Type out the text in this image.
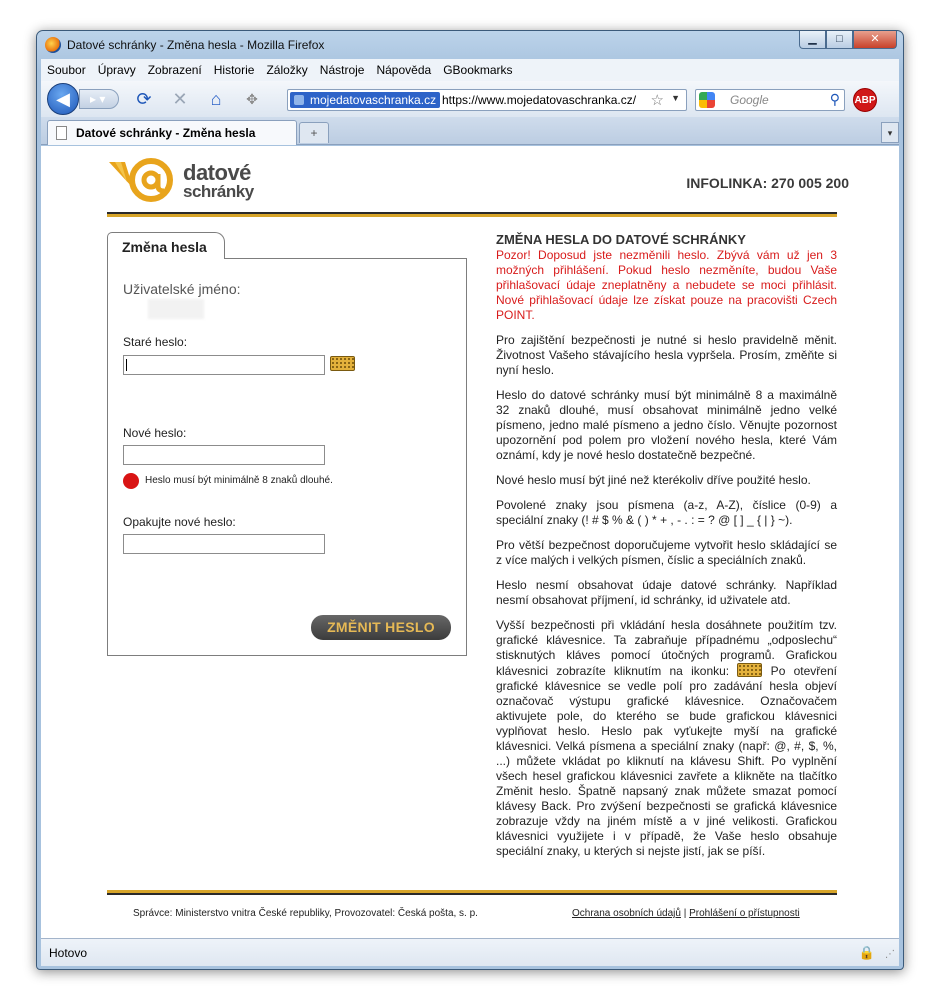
Datové schránky - Změna hesla - Mozilla Firefox	▁	□	✕
Soubor Úpravy Zobrazení Historie Záložky Nástroje Nápověda GBookmarks
▸ ▾
◀	⟳ ✕	⌂	✥	mojedatovaschranka.cz https://www.mojedatovaschranka.cz/ ☆ ▼	Google	⚲ ABP
Datové schránky - Změna hesla	+	▾
datové
schránky	INFOLINKA: 270 005 200
Změna hesla
Uživatelské jméno:
Staré heslo:
Nové heslo:
Heslo musí být minimálně 8 znaků dlouhé.
Opakujte nové heslo:
ZMĚNIT HESLO
ZMĚNA HESLA DO DATOVÉ SCHRÁNKY

Pozor! Doposud jste nezměnili heslo. Zbývá vám už jen 3 možných přihlášení. Pokud heslo nezměníte, budou Vaše přihlašovací údaje zneplatněny a nebudete se moci přihlásit. Nové přihlašovací údaje lze získat pouze na pracovišti Czech POINT.

Pro zajištění bezpečnosti je nutné si heslo pravidelně měnit. Životnost Vašeho stávajícího hesla vypršela. Prosím, změňte si nyní heslo.

Heslo do datové schránky musí být minimálně 8 a maximálně 32 znaků dlouhé, musí obsahovat minimálně jedno velké písmeno, jedno malé písmeno a jedno číslo. Věnujte pozornost upozornění pod polem pro vložení nového hesla, které Vám oznámí, kdy je nové heslo dostatečně bezpečné.

Nové heslo musí být jiné než kterékoliv dříve použité heslo.

Povolené znaky jsou písmena (a-z, A-Z), číslice (0-9) a speciální znaky (! # $ % & ( ) * + , - . : = ? @ [ ] _ { | } ~).

Pro větší bezpečnost doporučujeme vytvořit heslo skládající se z více malých i velkých písmen, číslic a speciálních znaků.

Heslo nesmí obsahovat údaje datové schránky. Například nesmí obsahovat příjmení, id schránky, id uživatele atd.

Vyšší bezpečnosti při vkládání hesla dosáhnete použitím tzv. grafické klávesnice. Ta zabraňuje případnému „odposlechu“ stisknutých kláves pomocí útočných programů. Grafickou klávesnici zobrazíte kliknutím na ikonku:	Po otevření grafické klávesnice se vedle polí pro zadávání hesla objeví označovač výstupu grafické klávesnice. Označovačem aktivujete pole, do kterého se bude grafickou klávesnici vyplňovat heslo. Heslo pak vyťukejte myší na grafické klávesnici. Velká písmena a speciální znaky (např: @, #, $, %, ...) můžete vkládat po kliknutí na klávesu Shift. Po vyplnění všech hesel grafickou klávesnici zavřete a klikněte na tlačítko Změnit heslo. Špatně napsaný znak můžete smazat pomocí klávesy Back. Pro zvýšení bezpečnosti se grafická klávesnice zobrazuje vždy na jiném místě a v jiné velikosti. Grafickou klávesnici využijete i v případě, že Vaše heslo obsahuje speciální znaky, u kterých si nejste jistí, jak se píší.

Správce: Ministerstvo vnitra České republiky, Provozovatel: Česká pošta, s. p.	Ochrana osobních údajů | Prohlášení o přístupnosti
Hotovo	🔒 ⋰
